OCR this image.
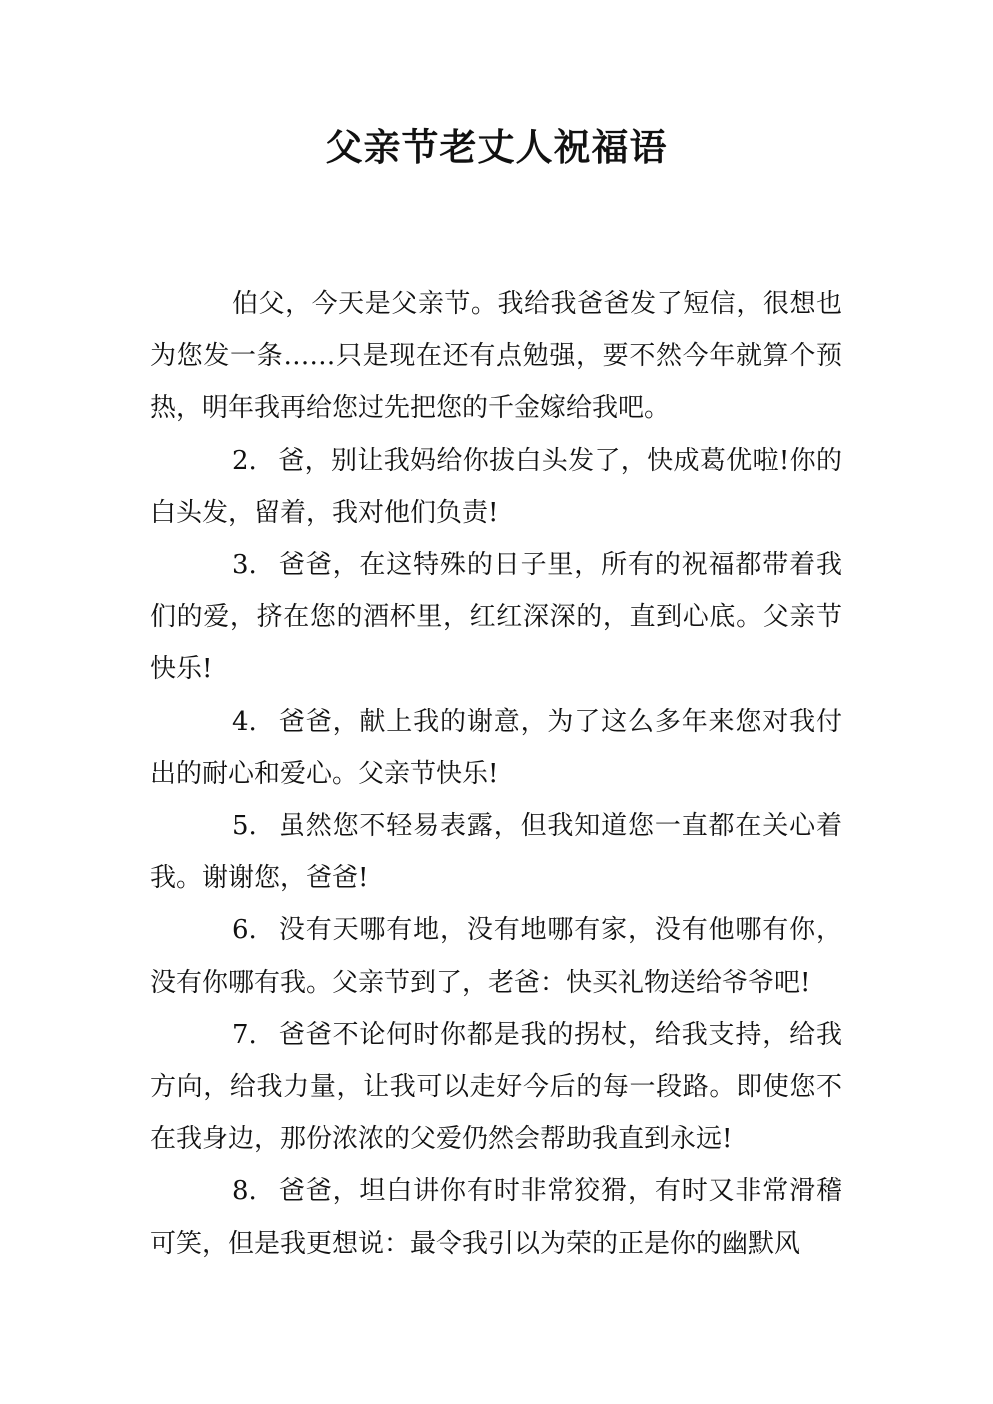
父亲节老丈人祝福语

伯父，今天是父亲节。我给我爸爸发了短信，很想也为您发一条……只是现在还有点勉强，要不然今年就算个预热，明年我再给您过先把您的千金嫁给我吧。

2. 爸，别让我妈给你拔白头发了，快成葛优啦!你的白头发，留着，我对他们负责!

3. 爸爸，在这特殊的日子里，所有的祝福都带着我们的爱，挤在您的酒杯里，红红深深的，直到心底。父亲节快乐!

4. 爸爸，献上我的谢意，为了这么多年来您对我付出的耐心和爱心。父亲节快乐!

5. 虽然您不轻易表露，但我知道您一直都在关心着我。谢谢您，爸爸!

6. 没有天哪有地，没有地哪有家，没有他哪有你，没有你哪有我。父亲节到了，老爸：快买礼物送给爷爷吧!

7. 爸爸不论何时你都是我的拐杖，给我支持，给我方向，给我力量，让我可以走好今后的每一段路。即使您不在我身边，那份浓浓的父爱仍然会帮助我直到永远!

8. 爸爸，坦白讲你有时非常狡猾，有时又非常滑稽可笑，但是我更想说：最令我引以为荣的正是你的幽默风
